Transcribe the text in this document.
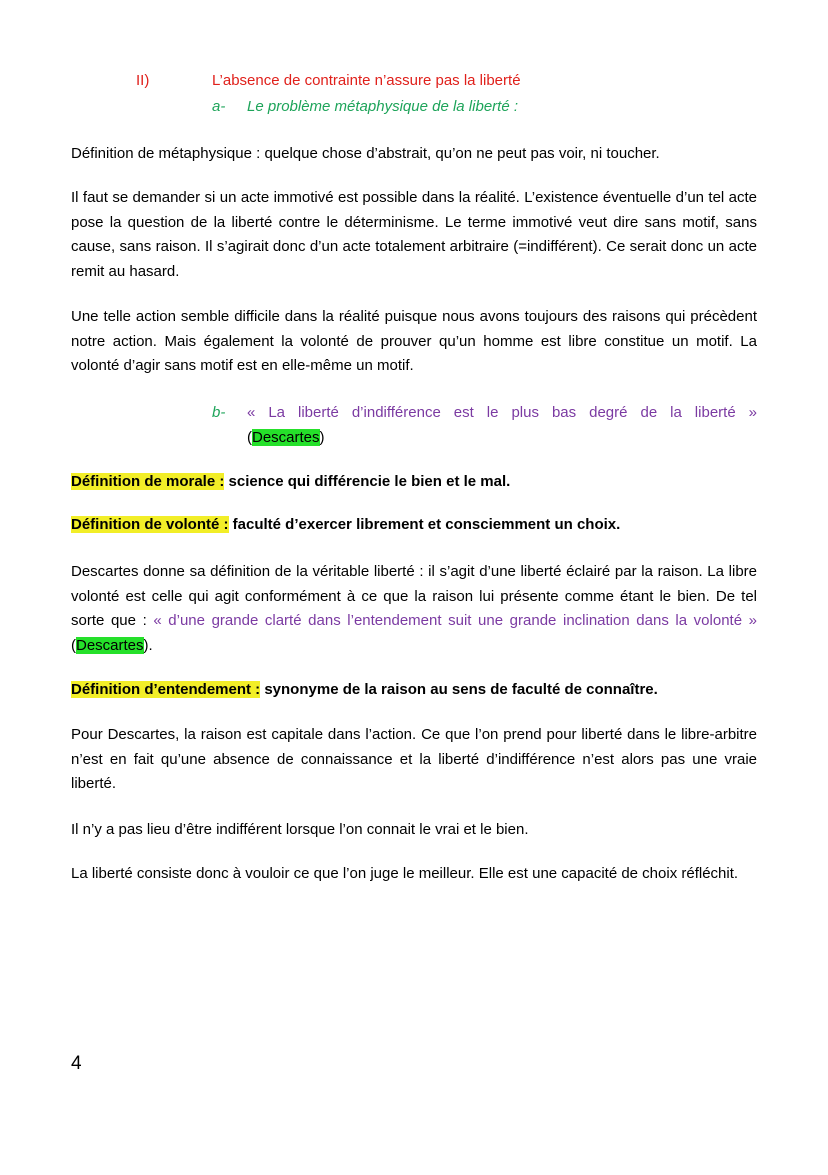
II)	L’absence de contrainte n’assure pas la liberté
a- Le problème métaphysique de la liberté :
Définition de métaphysique : quelque chose d’abstrait, qu’on ne peut pas voir, ni toucher.
Il faut se demander si un acte immotivé est possible dans la réalité. L’existence éventuelle d’un tel acte pose la question de la liberté contre le déterminisme. Le terme immotivé veut dire sans motif, sans cause, sans raison. Il s’agirait donc d’un acte totalement arbitraire (=indifférent). Ce serait donc un acte remit au hasard.
Une telle action semble difficile dans la réalité puisque nous avons toujours des raisons qui précèdent notre action. Mais également la volonté de prouver qu’un homme est libre constitue un motif. La volonté d’agir sans motif est en elle-même un motif.
b- « La liberté d’indifférence est le plus bas degré de la liberté »
(Descartes)
Définition de morale : science qui différencie le bien et le mal.
Définition de volonté : faculté d’exercer librement et consciemment un choix.
Descartes donne sa définition de la véritable liberté : il s’agit d’une liberté éclairé par la raison. La libre volonté est celle qui agit conformément à ce que la raison lui présente comme étant le bien. De tel sorte que : « d’une grande clarté dans l’entendement suit une grande inclination dans la volonté » (Descartes).
Définition d’entendement : synonyme de la raison au sens de faculté de connaître.
Pour Descartes, la raison est capitale dans l’action. Ce que l’on prend pour liberté dans le libre-arbitre n’est en fait qu’une absence de connaissance et la liberté d’indifférence n’est alors pas une vraie liberté.
Il n’y a pas lieu d’être indifférent lorsque l’on connait le vrai et le bien.
La liberté consiste donc à vouloir ce que l’on juge le meilleur. Elle est une capacité de choix réfléchit.
4
